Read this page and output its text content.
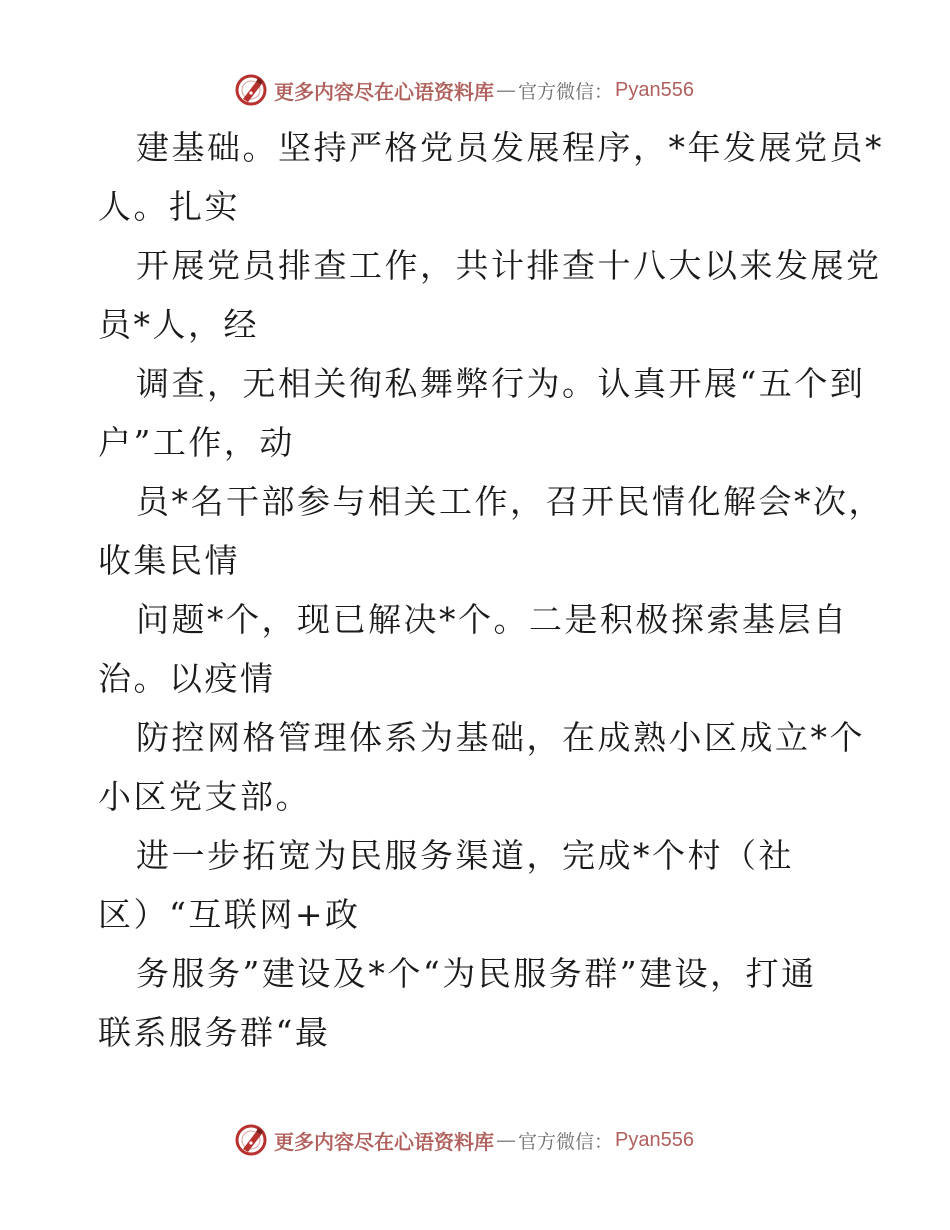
更多内容尽在心语资料库 — 官方微信： Pyan556
建基础。坚持严格党员发展程序，*年发展党员*
人。扎实
开展党员排查工作，共计排查十八大以来发展党
员*人，经
调查，无相关徇私舞弊行为。认真开展“五个到
户”工作，动
员*名干部参与相关工作，召开民情化解会*次，
收集民情
问题*个，现已解决*个。二是积极探索基层自
治。以疫情
防控网格管理体系为基础，在成熟小区成立*个
小区党支部。
进一步拓宽为民服务渠道，完成*个村（社
区）“互联网+政
务服务”建设及*个“为民服务群”建设，打通
联系服务群“最
更多内容尽在心语资料库 — 官方微信： Pyan556
